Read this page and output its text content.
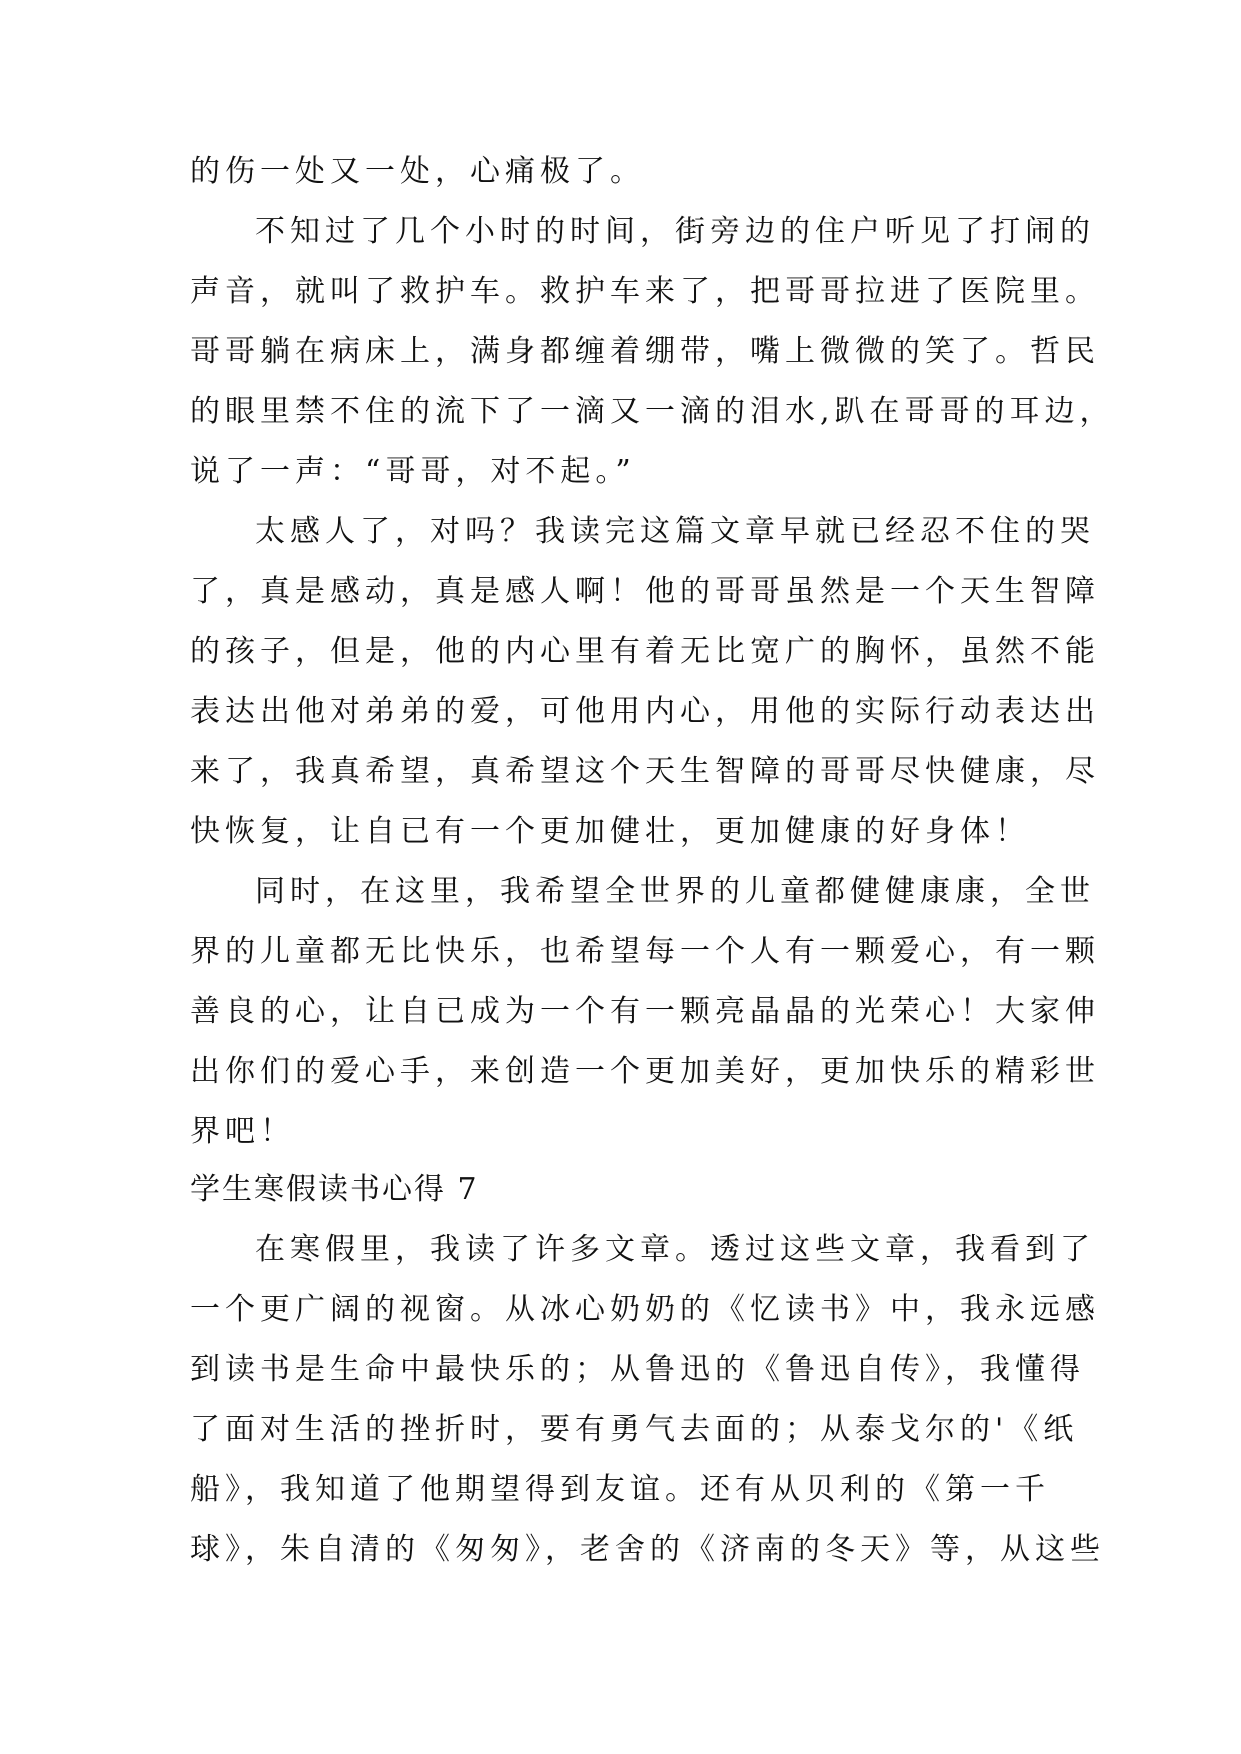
的伤一处又一处，心痛极了。
不知过了几个小时的时间，街旁边的住户听见了打闹的
声音，就叫了救护车。救护车来了，把哥哥拉进了医院里。
哥哥躺在病床上，满身都缠着绷带，嘴上微微的笑了。哲民
的眼里禁不住的流下了一滴又一滴的泪水,趴在哥哥的耳边，
说了一声：“哥哥，对不起。”
太感人了，对吗？我读完这篇文章早就已经忍不住的哭
了，真是感动，真是感人啊！他的哥哥虽然是一个天生智障
的孩子，但是，他的内心里有着无比宽广的胸怀，虽然不能
表达出他对弟弟的爱，可他用内心，用他的实际行动表达出
来了，我真希望，真希望这个天生智障的哥哥尽快健康，尽
快恢复，让自已有一个更加健壮，更加健康的好身体！
同时，在这里，我希望全世界的儿童都健健康康，全世
界的儿童都无比快乐，也希望每一个人有一颗爱心，有一颗
善良的心，让自已成为一个有一颗亮晶晶的光荣心！大家伸
出你们的爱心手，来创造一个更加美好，更加快乐的精彩世
界吧！
学生寒假读书心得 7
在寒假里，我读了许多文章。透过这些文章，我看到了
一个更广阔的视窗。从冰心奶奶的《忆读书》中，我永远感
到读书是生命中最快乐的；从鲁迅的《鲁迅自传》，我懂得
了面对生活的挫折时，要有勇气去面的；从泰戈尔的'《纸
船》，我知道了他期望得到友谊。还有从贝利的《第一千
球》，朱自清的《匆匆》，老舍的《济南的冬天》等，从这些
